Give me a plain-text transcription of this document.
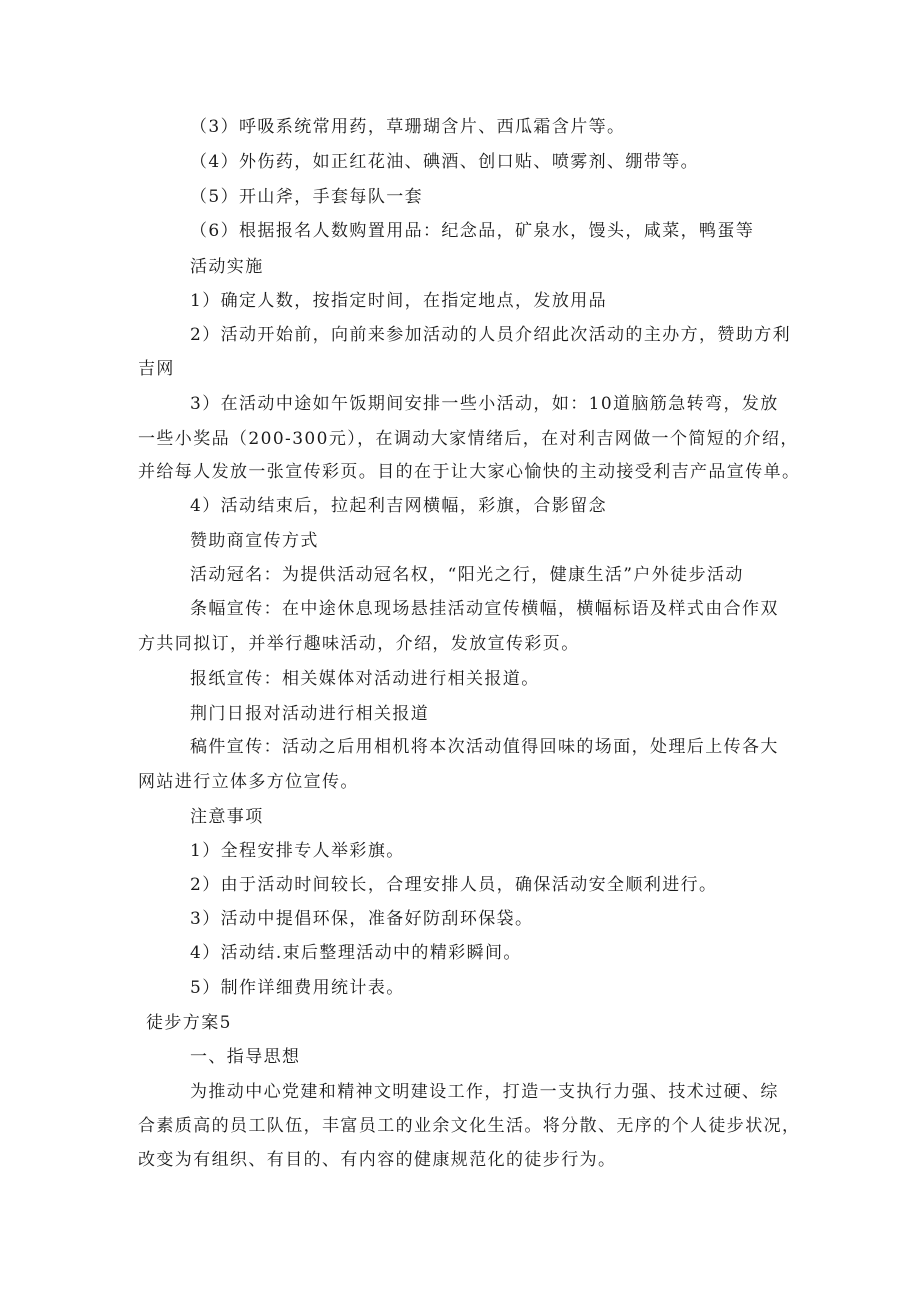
（3）呼吸系统常用药，草珊瑚含片、西瓜霜含片等。
（4）外伤药，如正红花油、碘酒、创口贴、喷雾剂、绷带等。
（5）开山斧，手套每队一套
（6）根据报名人数购置用品：纪念品，矿泉水，馒头，咸菜，鸭蛋等
活动实施
1）确定人数，按指定时间，在指定地点，发放用品
2）活动开始前，向前来参加活动的人员介绍此次活动的主办方，赞助方利
吉网
3）在活动中途如午饭期间安排一些小活动，如：10道脑筋急转弯，发放
一些小奖品（200-300元），在调动大家情绪后，在对利吉网做一个简短的介绍，
并给每人发放一张宣传彩页。目的在于让大家心愉快的主动接受利吉产品宣传单。
4）活动结束后，拉起利吉网横幅，彩旗，合影留念
赞助商宣传方式
活动冠名：为提供活动冠名权，“阳光之行，健康生活”户外徒步活动
条幅宣传：在中途休息现场悬挂活动宣传横幅，横幅标语及样式由合作双
方共同拟订，并举行趣味活动，介绍，发放宣传彩页。
报纸宣传：相关媒体对活动进行相关报道。
荆门日报对活动进行相关报道
稿件宣传：活动之后用相机将本次活动值得回味的场面，处理后上传各大
网站进行立体多方位宣传。
注意事项
1）全程安排专人举彩旗。
2）由于活动时间较长，合理安排人员，确保活动安全顺利进行。
3）活动中提倡环保，准备好防刮环保袋。
4）活动结.束后整理活动中的精彩瞬间。
5）制作详细费用统计表。
徒步方案5
一、指导思想
为推动中心党建和精神文明建设工作，打造一支执行力强、技术过硬、综
合素质高的员工队伍，丰富员工的业余文化生活。将分散、无序的个人徒步状况，
改变为有组织、有目的、有内容的健康规范化的徒步行为。
